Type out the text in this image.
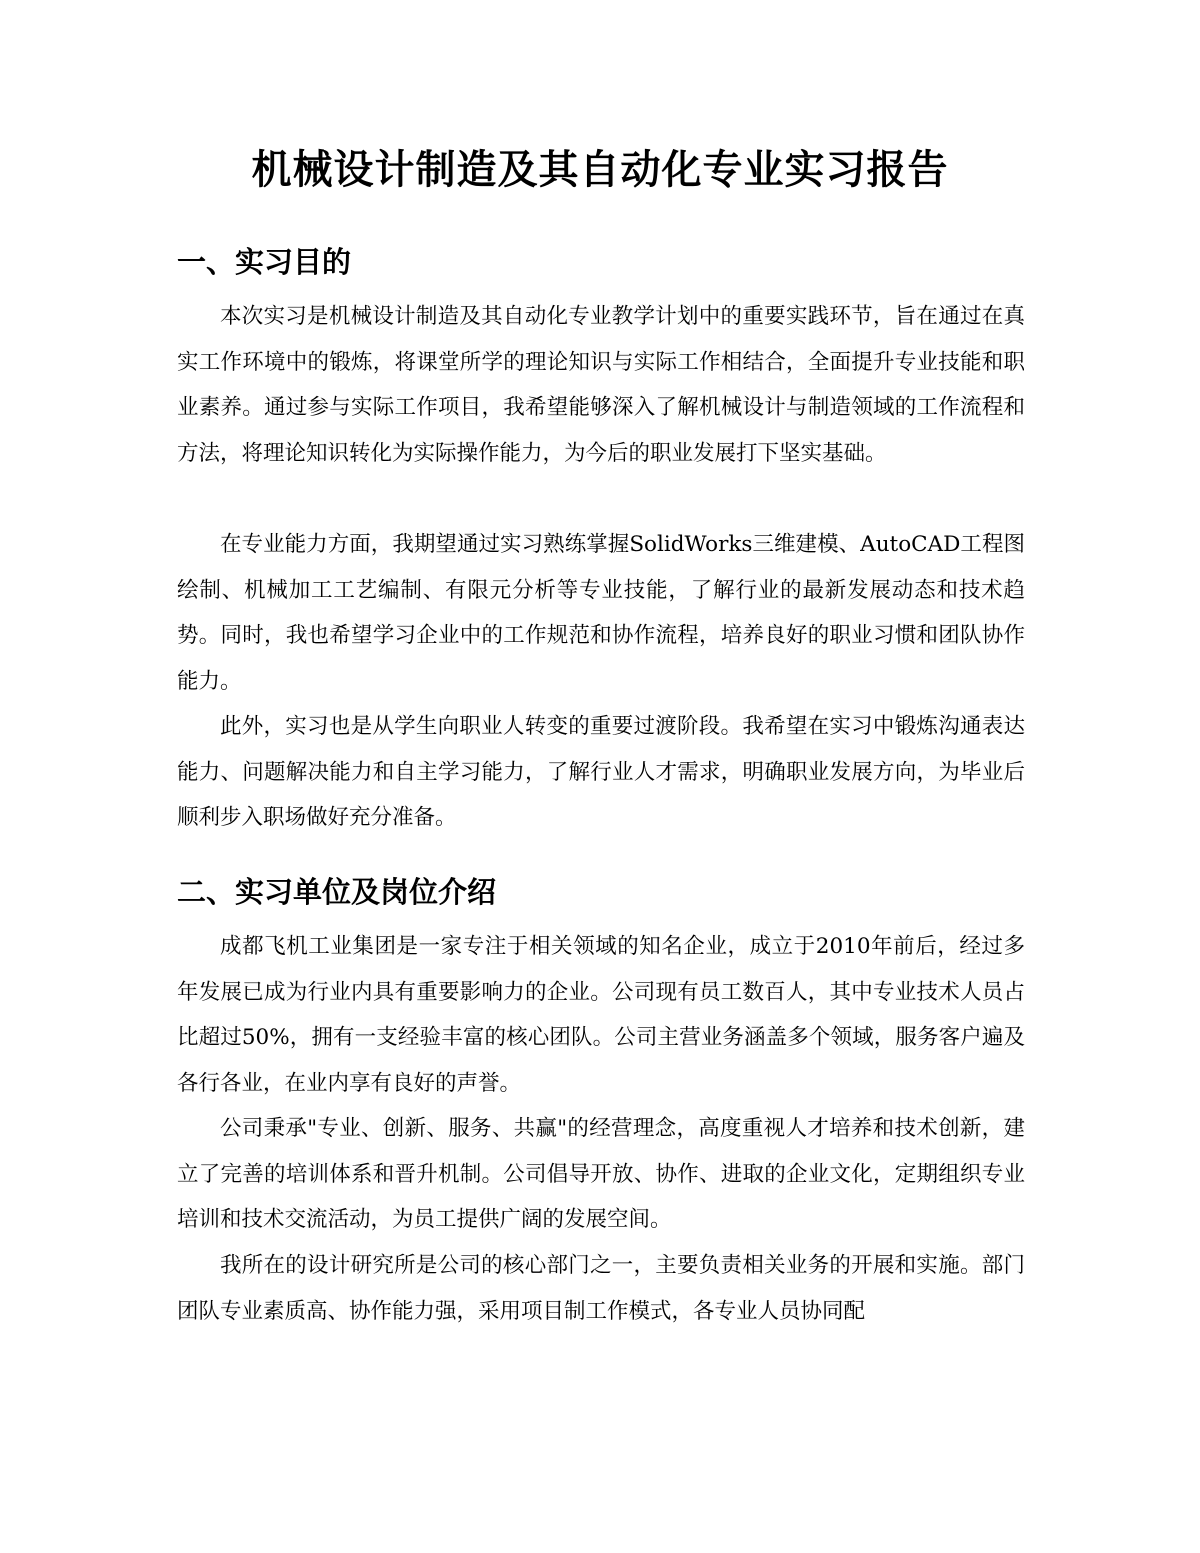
机械设计制造及其自动化专业实习报告
一、实习目的

本次实习是机械设计制造及其自动化专业教学计划中的重要实践环节，旨在通过在真实工作环境中的锻炼，将课堂所学的理论知识与实际工作相结合，全面提升专业技能和职业素养。通过参与实际工作项目，我希望能够深入了解机械设计与制造领域的工作流程和方法，将理论知识转化为实际操作能力，为今后的职业发展打下坚实基础。

在专业能力方面，我期望通过实习熟练掌握SolidWorks三维建模、AutoCAD工程图绘制、机械加工工艺编制、有限元分析等专业技能，了解行业的最新发展动态和技术趋势。同时，我也希望学习企业中的工作规范和协作流程，培养良好的职业习惯和团队协作能力。

此外，实习也是从学生向职业人转变的重要过渡阶段。我希望在实习中锻炼沟通表达能力、问题解决能力和自主学习能力，了解行业人才需求，明确职业发展方向，为毕业后顺利步入职场做好充分准备。

二、实习单位及岗位介绍

成都飞机工业集团是一家专注于相关领域的知名企业，成立于2010年前后，经过多年发展已成为行业内具有重要影响力的企业。公司现有员工数百人，其中专业技术人员占比超过50%，拥有一支经验丰富的核心团队。公司主营业务涵盖多个领域，服务客户遍及各行各业，在业内享有良好的声誉。

公司秉承"专业、创新、服务、共赢"的经营理念，高度重视人才培养和技术创新，建立了完善的培训体系和晋升机制。公司倡导开放、协作、进取的企业文化，定期组织专业培训和技术交流活动，为员工提供广阔的发展空间。

我所在的设计研究所是公司的核心部门之一，主要负责相关业务的开展和实施。部门团队专业素质高、协作能力强，采用项目制工作模式，各专业人员协同配
